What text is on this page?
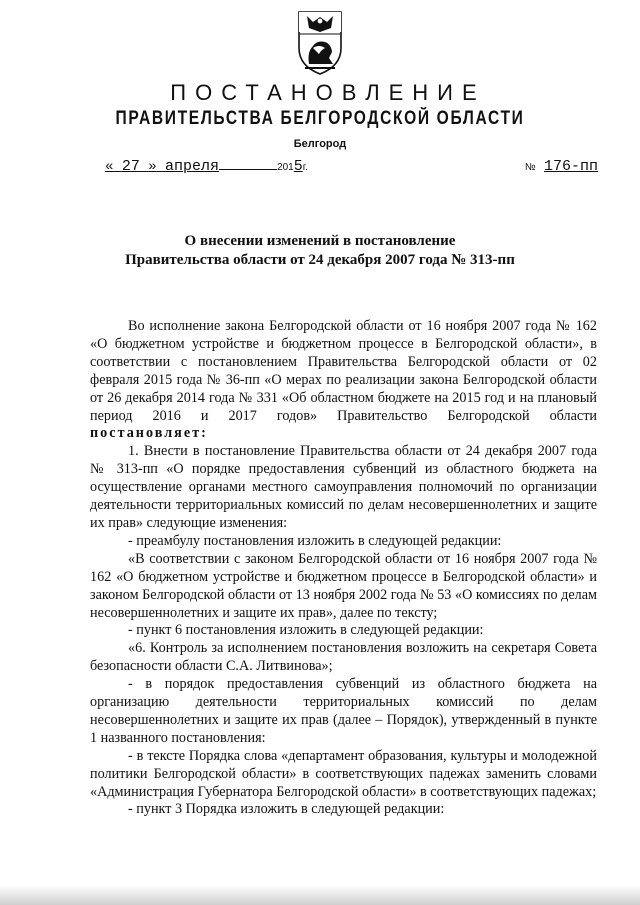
ПОСТАНОВЛЕНИЕ
ПРАВИТЕЛЬСТВА БЕЛГОРОДСКОЙ ОБЛАСТИ
Белгород
« 27 » апреля	2015г.	№ 176-пп
О внесении изменений в постановление
Правительства области от 24 декабря 2007 года № 313-пп

Во исполнение закона Белгородской области от 16 ноября 2007 года № 162 «О бюджетном устройстве и бюджетном процессе в Белгородской области», в соответствии с постановлением Правительства Белгородской области от 02 февраля 2015 года № 36-пп «О мерах по реализации закона Белгородской области от 26 декабря 2014 года № 331 «Об областном бюджете на 2015 год и на плановый период 2016 и 2017 годов» Правительство Белгородской области постановляет:

1. Внести в постановление Правительства области от 24 декабря 2007 года № 313-пп «О порядке предоставления субвенций из областного бюджета на осуществление органами местного самоуправления полномочий по организации деятельности территориальных комиссий по делам несовершеннолетних и защите их прав» следующие изменения:

- преамбулу постановления изложить в следующей редакции:

«В соответствии с законом Белгородской области от 16 ноября 2007 года № 162 «О бюджетном устройстве и бюджетном процессе в Белгородской области» и законом Белгородской области от 13 ноября 2002 года № 53 «О комиссиях по делам несовершеннолетних и защите их прав», далее по тексту;

- пункт 6 постановления изложить в следующей редакции:

«6. Контроль за исполнением постановления возложить на секретаря Совета безопасности области С.А. Литвинова»;

- в порядок предоставления субвенций из областного бюджета на организацию деятельности территориальных комиссий по делам несовершеннолетних и защите их прав (далее – Порядок), утвержденный в пункте 1 названного постановления:

- в тексте Порядка слова «департамент образования, культуры и молодежной политики Белгородской области» в соответствующих падежах заменить словами «Администрация Губернатора Белгородской области» в соответствующих падежах;

- пункт 3 Порядка изложить в следующей редакции:
